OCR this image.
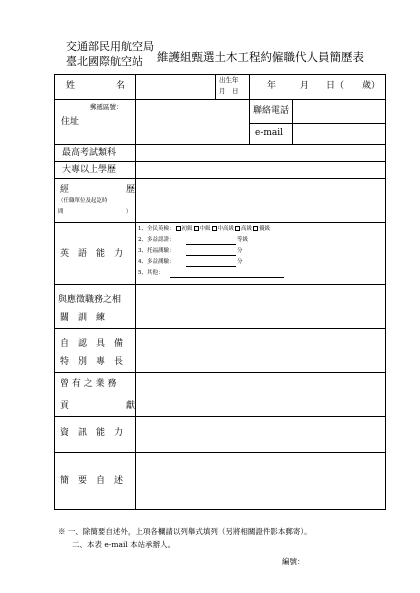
交通部民用航空局
臺北國際航空站 維護組甄選土木工程約僱職代人員簡歷表
姓	名
出生年
月　日	年	月 日（ 歲）
住址
郵遞區號：	聯絡電話
e-mail
最高考試類科
大專以上學歷
經	歷
（任職單位及起訖時
間	）
英　語　能　力
1、全民英檢： 初級 中級 中高級 高級 優級
2、多益認證：	等級
3、托福測驗：	分
4、多益測驗：	分
5、其他：
與應徵職務之相
關　訓　練
自　認　具　備
特　別　專　長
曾 有 之 業 務
貢	獻
資　訊　能　力
簡　要　自　述
※ 一、除簡要自述外，上項各欄請以列舉式填列（另將相關證件影本郵寄）。
二、本表 e-mail 本站承辦人。
編號：
